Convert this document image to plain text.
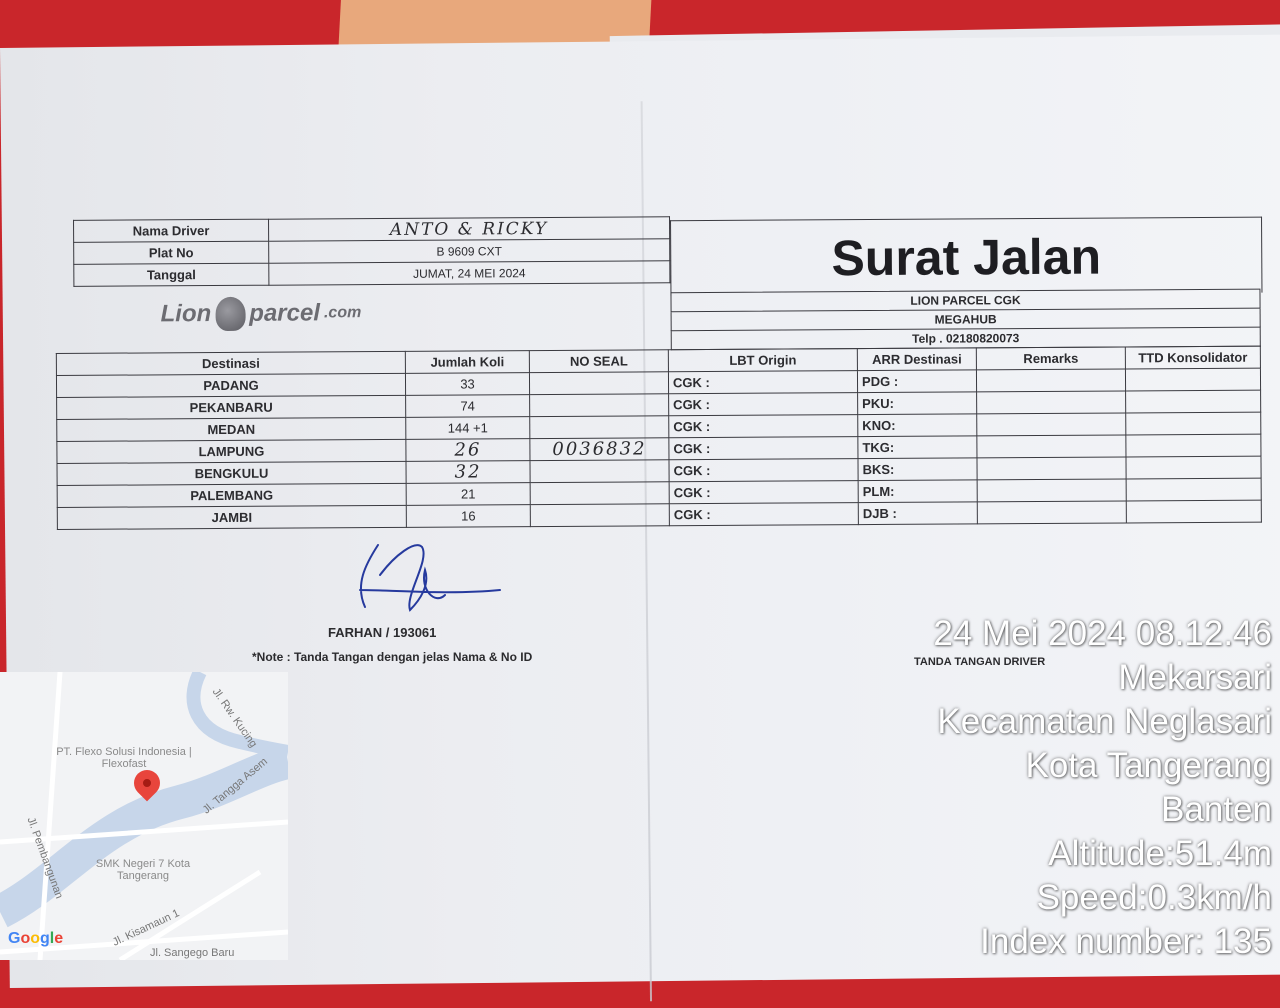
Nama Driver	ANTO & RICKY
Plat No	B 9609 CXT
Tanggal	JUMAT, 24 MEI 2024
Lion parcel .com
Surat Jalan
LION PARCEL CGK
MEGAHUB
Telp . 02180820073
Destinasi	Jumlah Koli	NO SEAL	LBT Origin	ARR Destinasi	Remarks	TTD Konsolidator
PADANG	33		CGK :	PDG :		
PEKANBARU	74		CGK :	PKU:		
MEDAN	144 +1		CGK :	KNO:		
LAMPUNG	26	0036832	CGK :	TKG:		
BENGKULU	32		CGK :	BKS:		
PALEMBANG	21		CGK :	PLM:		
JAMBI	16		CGK :	DJB :		
FARHAN / 193061
*Note : Tanda Tangan dengan jelas Nama & No ID	TANDA TANGAN DRIVER
24 Mei 2024 08.12.46
Mekarsari
Kecamatan Neglasari
Kota Tangerang
Banten
Altitude:51.4m
Speed:0.3km/h
Index number: 135
PT. Flexo Solusi Indonesia | Flexofast
SMK Negeri 7 Kota Tangerang
Jl. Rw. Kucing
Jl. Tangga Asem
Jl. Pembangunan
Jl. Kisamaun 1
Jl. Sangego Baru
Google
